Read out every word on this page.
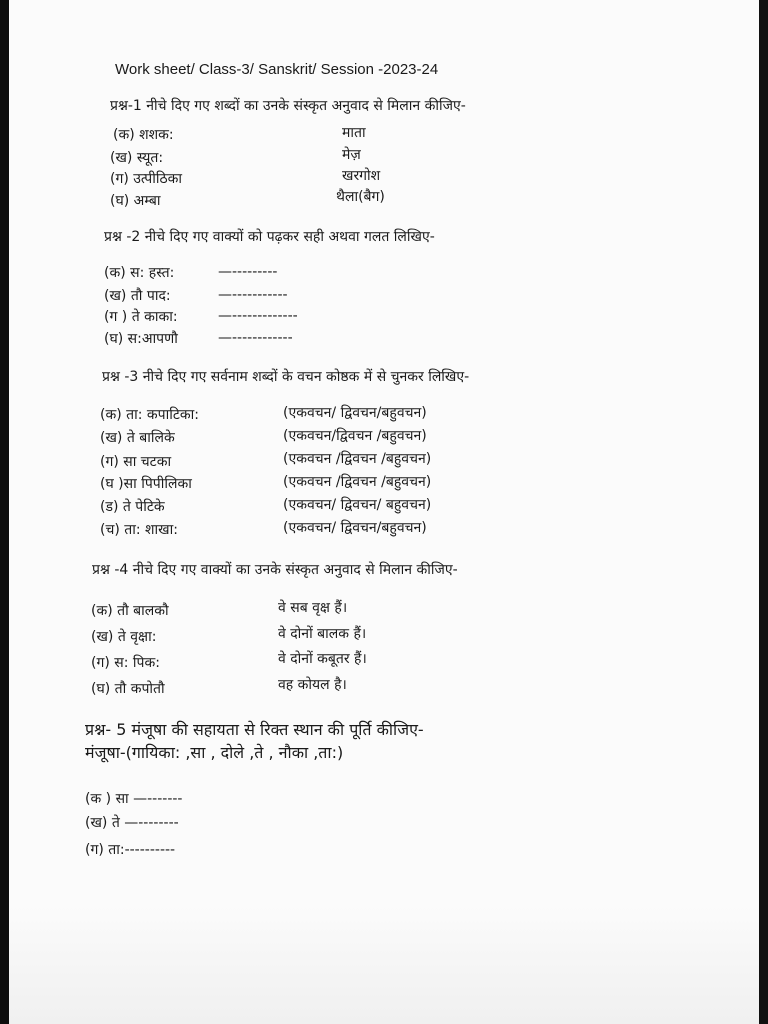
Work sheet/ Class-3/ Sanskrit/ Session -2023-24
प्रश्न-1 नीचे दिए गए शब्दों का उनके संस्कृत अनुवाद से मिलान कीजिए-
(क) शशक:
(ख) स्यूत:
(ग) उत्पीठिका
(घ) अम्बा
माता
मेज़
खरगोश
थैला(बैग)
प्रश्न -2 नीचे दिए गए वाक्यों को पढ़कर सही अथवा गलत लिखिए-
(क) स: हस्त:
(ख) तौ पाद:
(ग ) ते काका:
(घ) स:आपणौ
—---------
—-----------
—-------------
—------------
प्रश्न -3 नीचे दिए गए सर्वनाम शब्दों के वचन कोष्ठक में से चुनकर लिखिए-
(क) ता: कपाटिका:
(ख) ते बालिके
(ग) सा चटका
(घ )सा पिपीलिका
(ड) ते पेटिके
(च) ता: शाखा:
(एकवचन/ द्विवचन/बहुवचन)
(एकवचन/द्विवचन /बहुवचन)
(एकवचन /द्विवचन /बहुवचन)
(एकवचन /द्विवचन /बहुवचन)
(एकवचन/ द्विवचन/ बहुवचन)
(एकवचन/ द्विवचन/बहुवचन)
प्रश्न -4 नीचे दिए गए वाक्यों का उनके संस्कृत अनुवाद से मिलान कीजिए-
(क) तौ बालकौ
(ख) ते वृक्षा:
(ग) स: पिक:
(घ) तौ कपोतौ
वे सब वृक्ष हैं।
वे दोनों बालक हैं।
वे दोनों कबूतर हैं।
वह कोयल है।
प्रश्न- 5 मंजूषा की सहायता से रिक्त स्थान की पूर्ति कीजिए-
मंजूषा-(गायिका: ,सा , दोले ,ते , नौका ,ता:)
(क ) सा —-------
(ख) ते —--------
(ग) ता:----------
